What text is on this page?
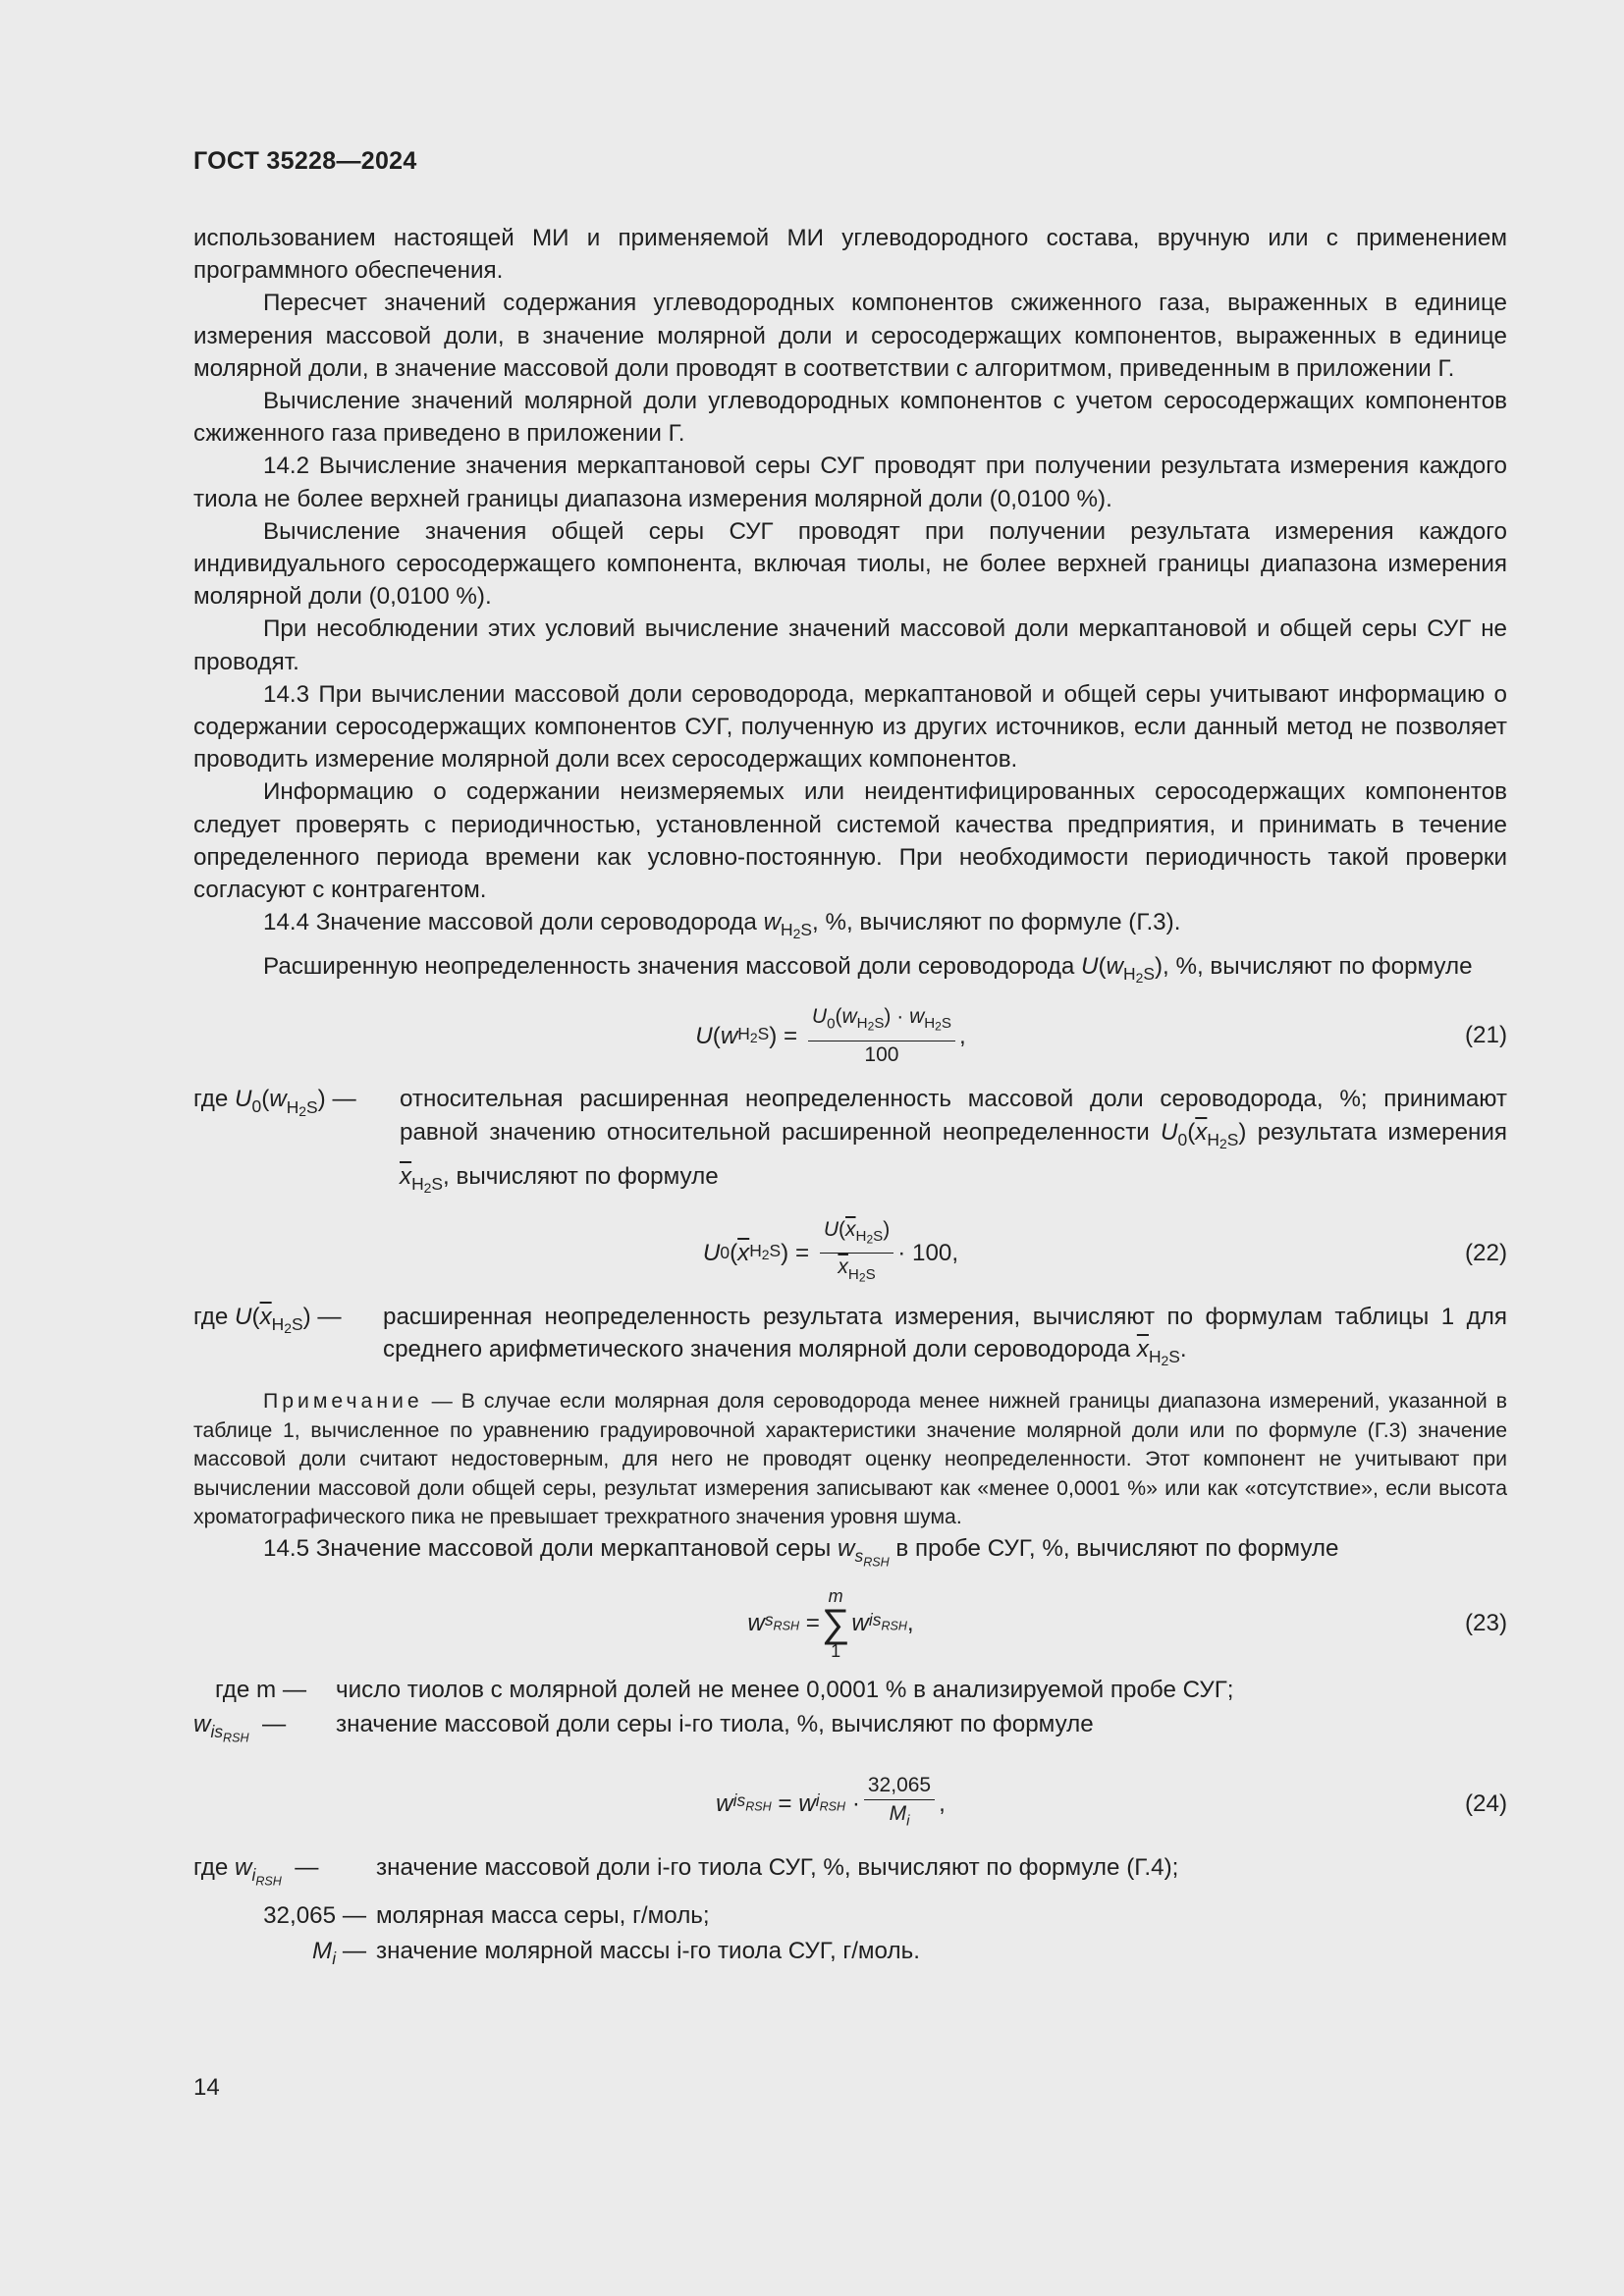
ГОСТ 35228—2024

использованием настоящей МИ и применяемой МИ углеводородного состава, вручную или с применением программного обеспечения.

Пересчет значений содержания углеводородных компонентов сжиженного газа, выраженных в единице измерения массовой доли, в значение молярной доли и серосодержащих компонентов, выраженных в единице молярной доли, в значение массовой доли проводят в соответствии с алгоритмом, приведенным в приложении Г.

Вычисление значений молярной доли углеводородных компонентов с учетом серосодержащих компонентов сжиженного газа приведено в приложении Г.

14.2 Вычисление значения меркаптановой серы СУГ проводят при получении результата измерения каждого тиола не более верхней границы диапазона измерения молярной доли (0,0100 %).

Вычисление значения общей серы СУГ проводят при получении результата измерения каждого индивидуального серосодержащего компонента, включая тиолы, не более верхней границы диапазона измерения молярной доли (0,0100 %).

При несоблюдении этих условий вычисление значений массовой доли меркаптановой и общей серы СУГ не проводят.

14.3 При вычислении массовой доли сероводорода, меркаптановой и общей серы учитывают информацию о содержании серосодержащих компонентов СУГ, полученную из других источников, если данный метод не позволяет проводить измерение молярной доли всех серосодержащих компонентов.

Информацию о содержании неизмеряемых или неидентифицированных серосодержащих компонентов следует проверять с периодичностью, установленной системой качества предприятия, и принимать в течение определенного периода времени как условно-постоянную. При необходимости периодичность такой проверки согласуют с контрагентом.

14.4 Значение массовой доли сероводорода $w_{H2S}$, %, вычисляют по формуле (Г.3).

Расширенную неопределенность значения массовой доли сероводорода $U(w_{H2S})$, %, вычисляют по формуле

U ( w H2S )
=
$\frac{U_0(w_{H2S}) \cdot w_{H2S}}{100}$ ,	(21)
где $U_0(w_{H2S})$ —	относительная расширенная неопределенность массовой доли сероводорода, %; принимают равной значению относительной расширенной неопределенности $U_0(\overline{x}_{H2S})$ результата измерения $\overline{x}_{H2S}$, вычисляют по формуле
U 0 ( $\overline{x}$ H2S )
=
$\frac{U(\overline{x}_{H2S})}{\overline{x}_{H2S}} \cdot 100$,	(22)
где $U(\overline{x}_{H2S})$ —	расширенная неопределенность результата измерения, вычисляют по формулам таблицы 1 для среднего арифметического значения молярной доли сероводорода $\overline{x}_{H2S}$.

Примечание — В случае если молярная доля сероводорода менее нижней границы диапазона измерений, указанной в таблице 1, вычисленное по уравнению градуировочной характеристики значение молярной доли или по формуле (Г.3) значение массовой доли считают недостоверным, для него не проводят оценку неопределенности. Этот компонент не учитывают при вычислении массовой доли общей серы, результат измерения записывают как «менее 0,0001 %» или как «отсутствие», если высота хроматографического пика не превышает трехкратного значения уровня шума.

14.5 Значение массовой доли меркаптановой серы $w_{s_{RSH}}$ в пробе СУГ, %, вычисляют по формуле

w $s_{RSH}$
=
m
∑
1
w $is_{RSH}$ ,	(23)
где m —	число тиолов с молярной долей не менее 0,0001 % в анализируемой пробе СУГ;
$w_{is_{RSH}}$  —	значение массовой доли серы i-го тиола, %, вычисляют по формуле
w $is_{RSH}$
=
w $i_{RSH}$
· $\frac{32,065}{M_i}$ ,	(24)
где $w_{i_{RSH}}$  —	значение массовой доли i-го тиола СУГ, %, вычисляют по формуле (Г.4);
32,065 — молярная масса серы, г/моль;
$M_i$ — значение молярной массы i-го тиола СУГ, г/моль.
14
